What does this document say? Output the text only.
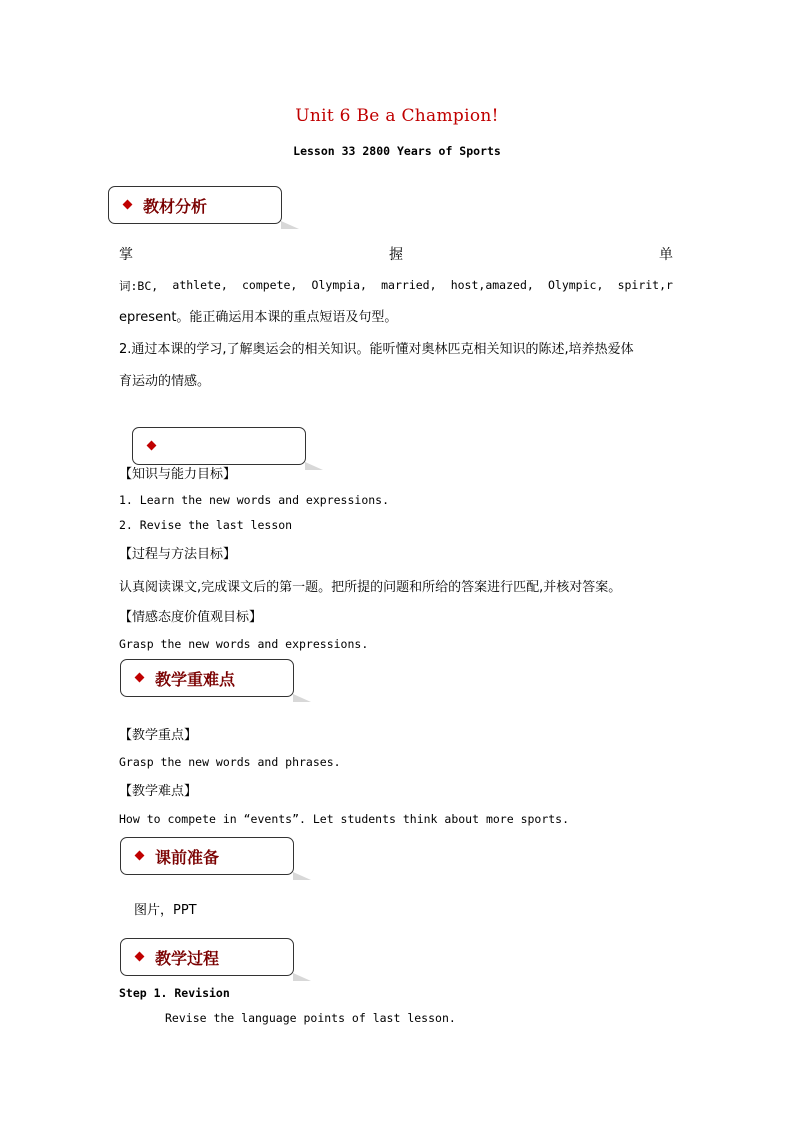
Unit 6 Be a Champion!
Lesson 33 2800 Years of Sports
教材分析
掌	握	单
词:BC, athlete, compete, Olympia, married, host,amazed, Olympic, spirit,r
epresent。能正确运用本课的重点短语及句型。
2.通过本课的学习,了解奥运会的相关知识。能听懂对奥林匹克相关知识的陈述,培养热爱体
育运动的情感。
【知识与能力目标】
1. Learn the new words and expressions.
2. Revise the last lesson
【过程与方法目标】
认真阅读课文,完成课文后的第一题。把所提的问题和所给的答案进行匹配,并核对答案。
【情感态度价值观目标】
Grasp the new words and expressions.
教学重难点
【教学重点】
Grasp the new words and phrases.
【教学难点】
How to compete in “events”. Let students think about more sports.
课前准备
图片，PPT
教学过程
Step 1. Revision
Revise the language points of last lesson.
